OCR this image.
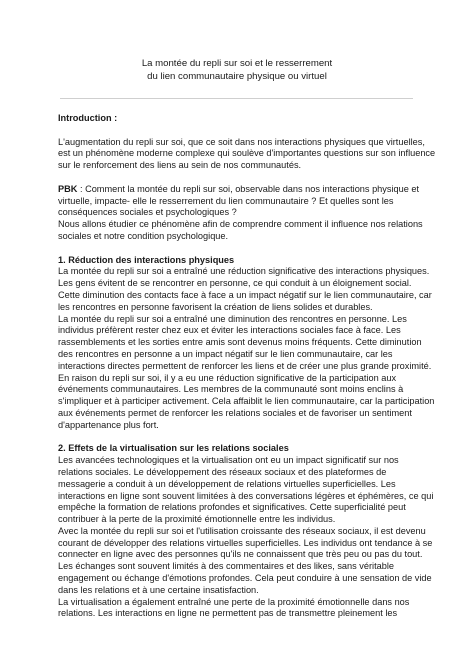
La montée du repli sur soi et le resserrement
du lien communautaire physique ou virtuel
Introduction :

L'augmentation du repli sur soi, que ce soit dans nos interactions physiques que virtuelles,
est un phénomène moderne complexe qui soulève d'importantes questions sur son influence
sur le renforcement des liens au sein de nos communautés.

PBK : Comment la montée du repli sur soi, observable dans nos interactions physique et
virtuelle, impacte- elle le resserrement du lien communautaire ? Et quelles sont les
conséquences sociales et psychologiques ?
Nous allons étudier ce phénomène afin de comprendre comment il influence nos relations
sociales et notre condition psychologique.

1. Réduction des interactions physiques

La montée du repli sur soi a entraîné une réduction significative des interactions physiques.
Les gens évitent de se rencontrer en personne, ce qui conduit à un éloignement social.
Cette diminution des contacts face à face a un impact négatif sur le lien communautaire, car
les rencontres en personne favorisent la création de liens solides et durables.
La montée du repli sur soi a entraîné une diminution des rencontres en personne. Les
individus préfèrent rester chez eux et éviter les interactions sociales face à face. Les
rassemblements et les sorties entre amis sont devenus moins fréquents. Cette diminution
des rencontres en personne a un impact négatif sur le lien communautaire, car les
interactions directes permettent de renforcer les liens et de créer une plus grande proximité.
En raison du repli sur soi, il y a eu une réduction significative de la participation aux
événements communautaires. Les membres de la communauté sont moins enclins à
s'impliquer et à participer activement. Cela affaiblit le lien communautaire, car la participation
aux événements permet de renforcer les relations sociales et de favoriser un sentiment
d'appartenance plus fort.

2. Effets de la virtualisation sur les relations sociales

Les avancées technologiques et la virtualisation ont eu un impact significatif sur nos
relations sociales. Le développement des réseaux sociaux et des plateformes de
messagerie a conduit à un développement de relations virtuelles superficielles. Les
interactions en ligne sont souvent limitées à des conversations légères et éphémères, ce qui
empêche la formation de relations profondes et significatives. Cette superficialité peut
contribuer à la perte de la proximité émotionnelle entre les individus.
Avec la montée du repli sur soi et l'utilisation croissante des réseaux sociaux, il est devenu
courant de développer des relations virtuelles superficielles. Les individus ont tendance à se
connecter en ligne avec des personnes qu'ils ne connaissent que très peu ou pas du tout.
Les échanges sont souvent limités à des commentaires et des likes, sans véritable
engagement ou échange d'émotions profondes. Cela peut conduire à une sensation de vide
dans les relations et à une certaine insatisfaction.
La virtualisation a également entraîné une perte de la proximité émotionnelle dans nos
relations. Les interactions en ligne ne permettent pas de transmettre pleinement les
